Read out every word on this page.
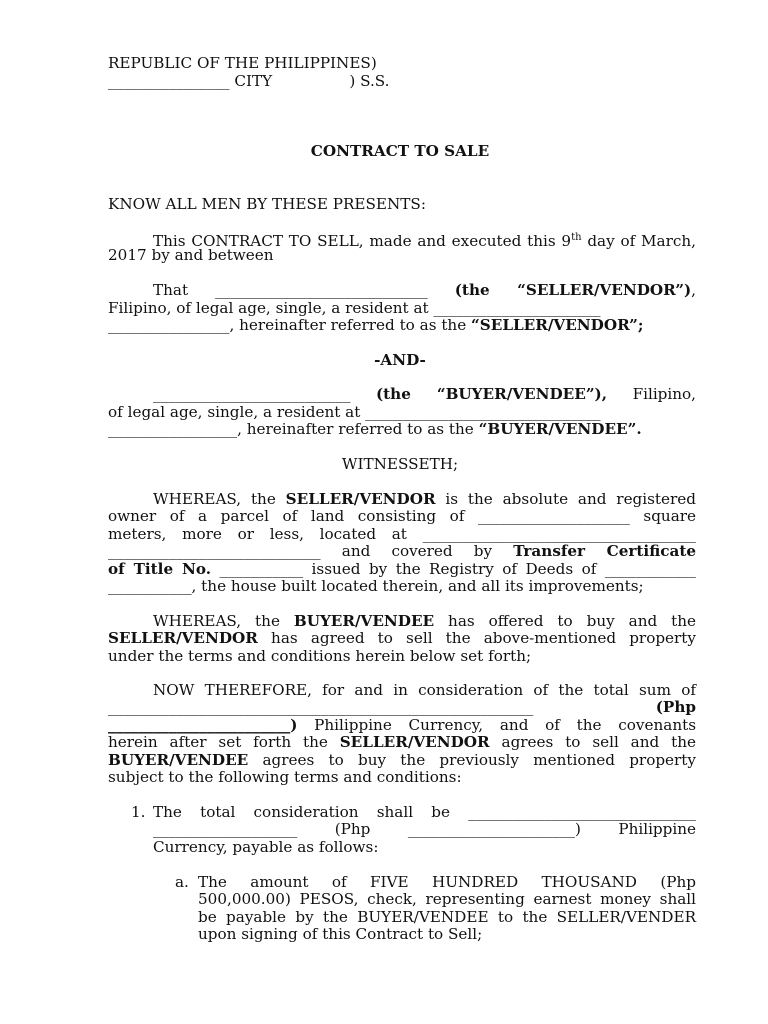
REPUBLIC OF THE PHILIPPINES)
________________ CITY                ) S.S.
CONTRACT TO SALE
KNOW ALL MEN BY THESE PRESENTS:
This CONTRACT TO SELL, made and executed this 9th day of March,
2017 by and between
That ____________________________ (the “SELLER/VENDOR”),
Filipino, of legal age, single, a resident at ______________________
________________, hereinafter referred to as the “SELLER/VENDOR”;
-AND-
__________________________ (the “BUYER/VENDEE”), Filipino,
of legal age, single, a resident at _______________________________
_________________, hereinafter referred to as the “BUYER/VENDEE”.
WITNESSETH;
WHEREAS, the SELLER/VENDOR is the absolute and registered
owner of a parcel of land consisting of ____________________ square
meters, more or less, located at ____________________________________
____________________________ and covered by Transfer Certificate
of Title No. ___________ issued by the Registry of Deeds of ____________
___________, the house built located therein, and all its improvements;
WHEREAS, the BUYER/VENDEE has offered to buy and the
SELLER/VENDOR has agreed to sell the above-mentioned property
under the terms and conditions herein below set forth;
NOW THEREFORE, for and in consideration of the total sum of
________________________________________________________ (Php
________________________) Philippine Currency, and of the covenants
herein after set forth the SELLER/VENDOR agrees to sell and the
BUYER/VENDEE agrees to buy the previously mentioned property
subject to the following terms and conditions:
1. The total consideration shall be ______________________________
___________________ (Php ______________________) Philippine
Currency, payable as follows:
a. The amount of FIVE HUNDRED THOUSAND (Php
500,000.00) PESOS, check, representing earnest money shall
be payable by the BUYER/VENDEE to the SELLER/VENDER
upon signing of this Contract to Sell;
